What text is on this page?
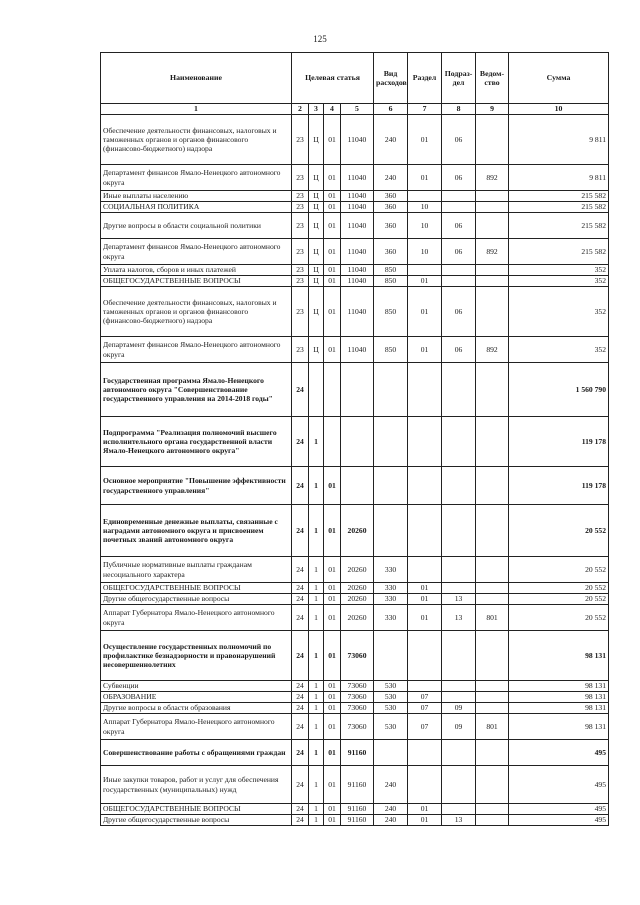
125
Наименование	Целевая статья				Вид расходов	Раздел	Подраз-дел	Ведом-ство	Сумма
1	2	3	4	5	6	7	8	9	10
Обеспечение деятельности финансовых, налоговых и таможенных органов и органов финансового (финансово-бюджетного) надзора	23	Ц	01	11040	240	01	06		9 811
Департамент финансов Ямало-Ненецкого автономного округа	23	Ц	01	11040	240	01	06	892	9 811
Иные выплаты населению	23	Ц	01	11040	360				215 582
СОЦИАЛЬНАЯ ПОЛИТИКА	23	Ц	01	11040	360	10			215 582
Другие вопросы в области социальной политики	23	Ц	01	11040	360	10	06		215 582
Департамент финансов Ямало-Ненецкого автономного округа	23	Ц	01	11040	360	10	06	892	215 582
Уплата налогов, сборов и иных платежей	23	Ц	01	11040	850				352
ОБЩЕГОСУДАРСТВЕННЫЕ ВОПРОСЫ	23	Ц	01	11040	850	01			352
Обеспечение деятельности финансовых, налоговых и таможенных органов и органов финансового (финансово-бюджетного) надзора	23	Ц	01	11040	850	01	06		352
Департамент финансов Ямало-Ненецкого автономного округа	23	Ц	01	11040	850	01	06	892	352
Государственная программа Ямало-Ненецкого автономного округа "Совершенствование государственного управления на 2014-2018 годы"	24								1 560 790
Подпрограмма "Реализация полномочий высшего исполнительного органа государственной власти Ямало-Ненецкого автономного округа"	24	1							119 178
Основное мероприятие "Повышение эффективности государственного управления"	24	1	01						119 178
Единовременные денежные выплаты, связанные с наградами автономного округа и присвоением почетных званий автономного округа	24	1	01	20260					20 552
Публичные нормативные выплаты гражданам несоциального характера	24	1	01	20260	330				20 552
ОБЩЕГОСУДАРСТВЕННЫЕ ВОПРОСЫ	24	1	01	20260	330	01			20 552
Другие общегосударственные вопросы	24	1	01	20260	330	01	13		20 552
Аппарат Губернатора Ямало-Ненецкого автономного округа	24	1	01	20260	330	01	13	801	20 552
Осуществление государственных полномочий по профилактике безнадзорности и правонарушений несовершеннолетних	24	1	01	73060					98 131
Субвенции	24	1	01	73060	530				98 131
ОБРАЗОВАНИЕ	24	1	01	73060	530	07			98 131
Другие вопросы в области образования	24	1	01	73060	530	07	09		98 131
Аппарат Губернатора Ямало-Ненецкого автономного округа	24	1	01	73060	530	07	09	801	98 131
Совершенствование работы с обращениями граждан	24	1	01	91160					495
Иные закупки товаров, работ и услуг для обеспечения государственных (муниципальных) нужд	24	1	01	91160	240				495
ОБЩЕГОСУДАРСТВЕННЫЕ ВОПРОСЫ	24	1	01	91160	240	01			495
Другие общегосударственные вопросы	24	1	01	91160	240	01	13		495
